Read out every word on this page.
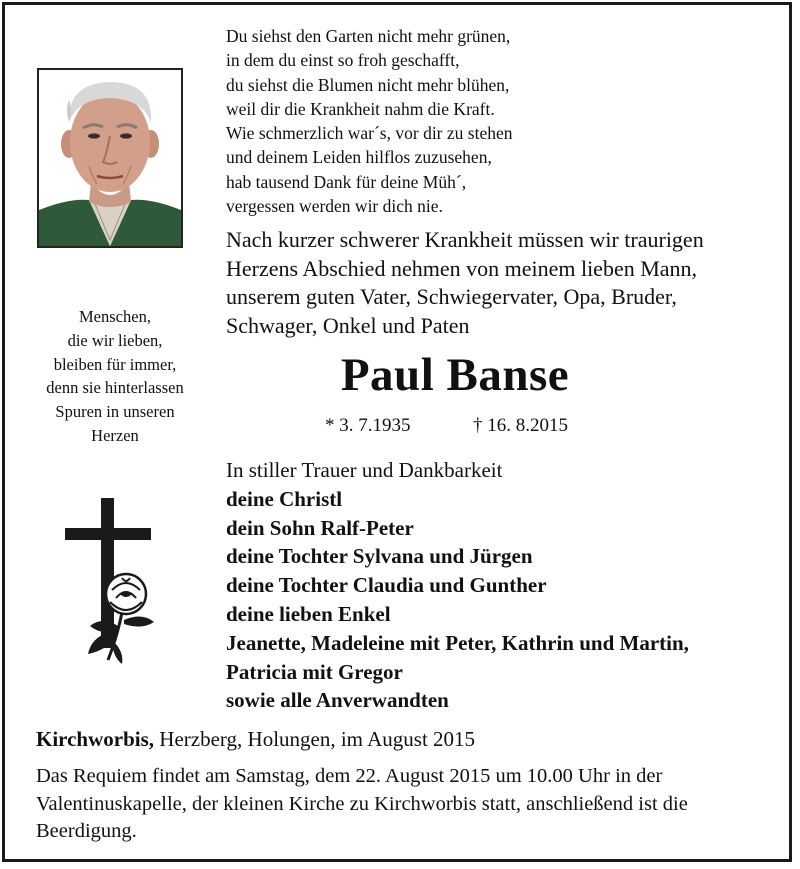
Du siehst den Garten nicht mehr grünen,
in dem du einst so froh geschafft,
du siehst die Blumen nicht mehr blühen,
weil dir die Krankheit nahm die Kraft.
Wie schmerzlich war´s, vor dir zu stehen
und deinem Leiden hilflos zuzusehen,
hab tausend Dank für deine Müh´,
vergessen werden wir dich nie.
Nach kurzer schwerer Krankheit müssen wir traurigen
Herzens Abschied nehmen von meinem lieben Mann,
unserem guten Vater, Schwiegervater, Opa, Bruder,
Schwager, Onkel und Paten
Menschen,
die wir lieben,
bleiben für immer,
denn sie hinterlassen
Spuren in unseren
Herzen
Paul Banse
* 3. 7.1935	† 16. 8.2015
In stiller Trauer und Dankbarkeit
deine Christl
dein Sohn Ralf-Peter
deine Tochter Sylvana und Jürgen
deine Tochter Claudia und Gunther
deine lieben Enkel
Jeanette, Madeleine mit Peter, Kathrin und Martin,
Patricia mit Gregor
sowie alle Anverwandten
Kirchworbis, Herzberg, Holungen, im August 2015
Das Requiem findet am Samstag, dem 22. August 2015 um 10.00 Uhr in der Valentinuskapelle, der kleinen Kirche zu Kirchworbis statt, anschließend ist die Beerdigung.
